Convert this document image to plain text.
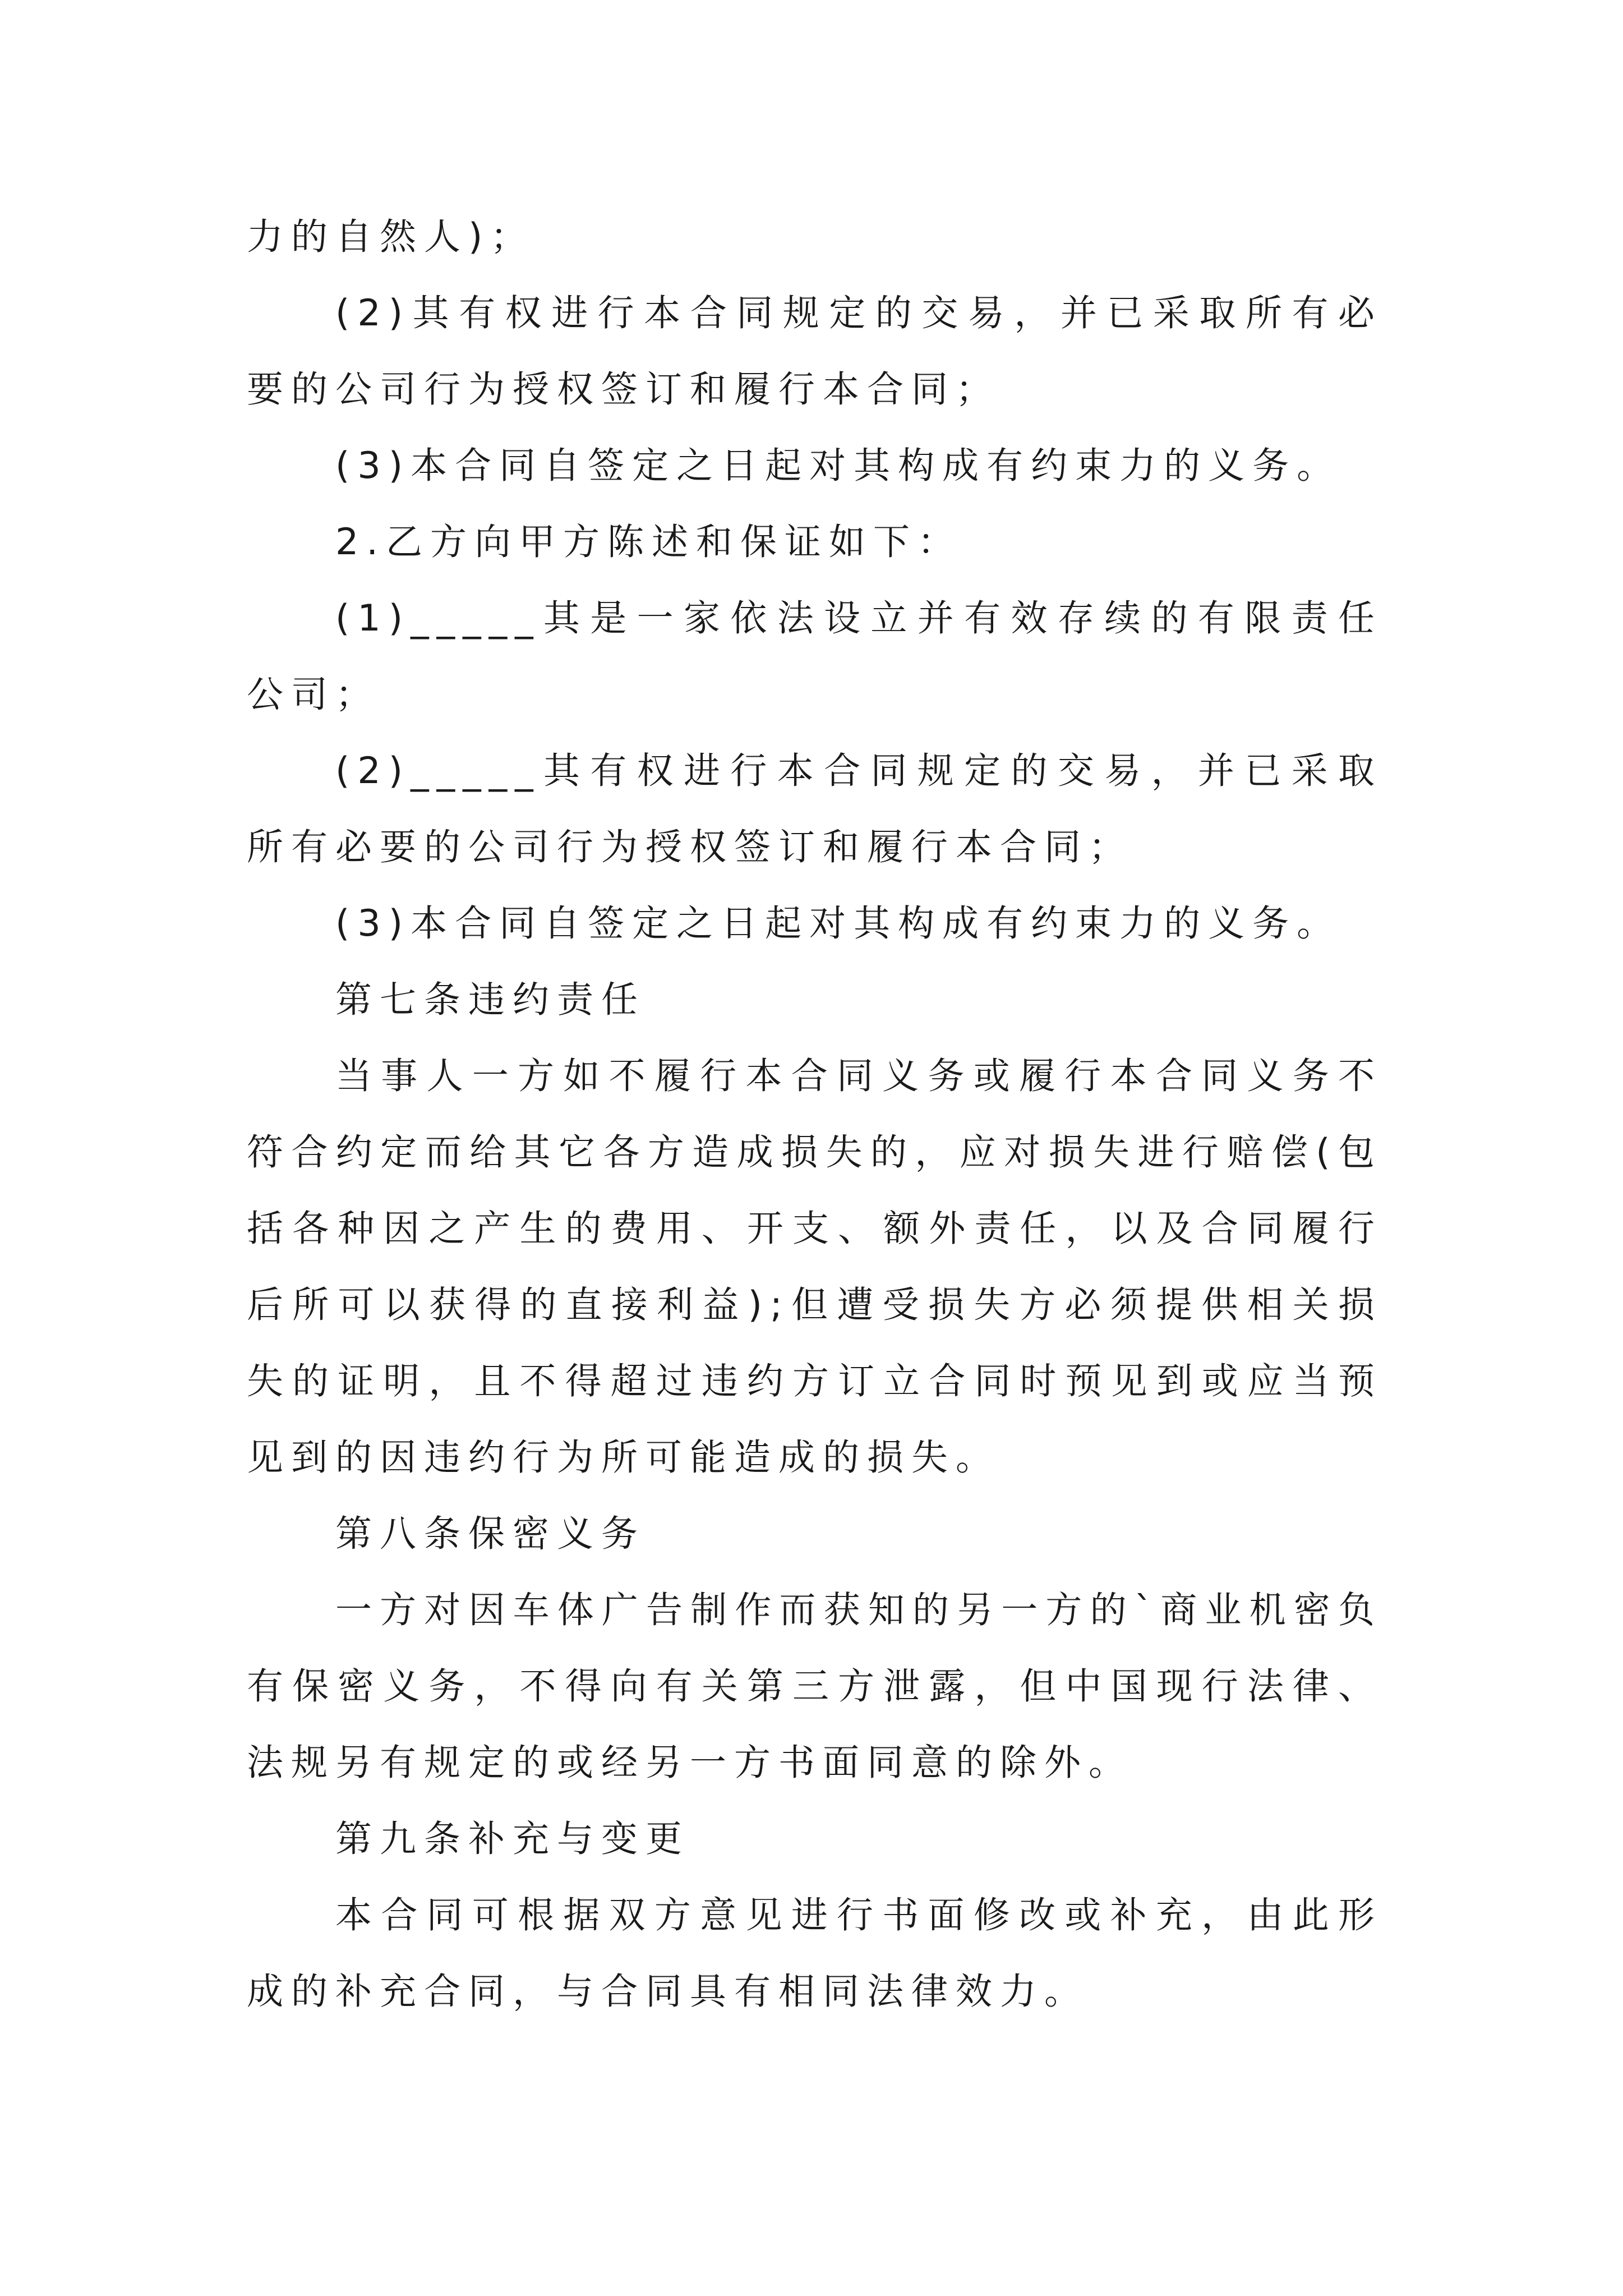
力的自然人)；

(2)其有权进行本合同规定的交易，并已采取所有必要的公司行为授权签订和履行本合同；

(3)本合同自签定之日起对其构成有约束力的义务。

2.乙方向甲方陈述和保证如下：

(1)_____其是一家依法设立并有效存续的有限责任公司；

(2)_____其有权进行本合同规定的交易，并已采取所有必要的公司行为授权签订和履行本合同；

(3)本合同自签定之日起对其构成有约束力的义务。

第七条违约责任

当事人一方如不履行本合同义务或履行本合同义务不符合约定而给其它各方造成损失的，应对损失进行赔偿(包括各种因之产生的费用、开支、额外责任，以及合同履行后所可以获得的直接利益);但遭受损失方必须提供相关损失的证明，且不得超过违约方订立合同时预见到或应当预见到的因违约行为所可能造成的损失。

第八条保密义务

一方对因车体广告制作而获知的另一方的`商业机密负有保密义务，不得向有关第三方泄露，但中国现行法律、法规另有规定的或经另一方书面同意的除外。

第九条补充与变更

本合同可根据双方意见进行书面修改或补充，由此形成的补充合同，与合同具有相同法律效力。
